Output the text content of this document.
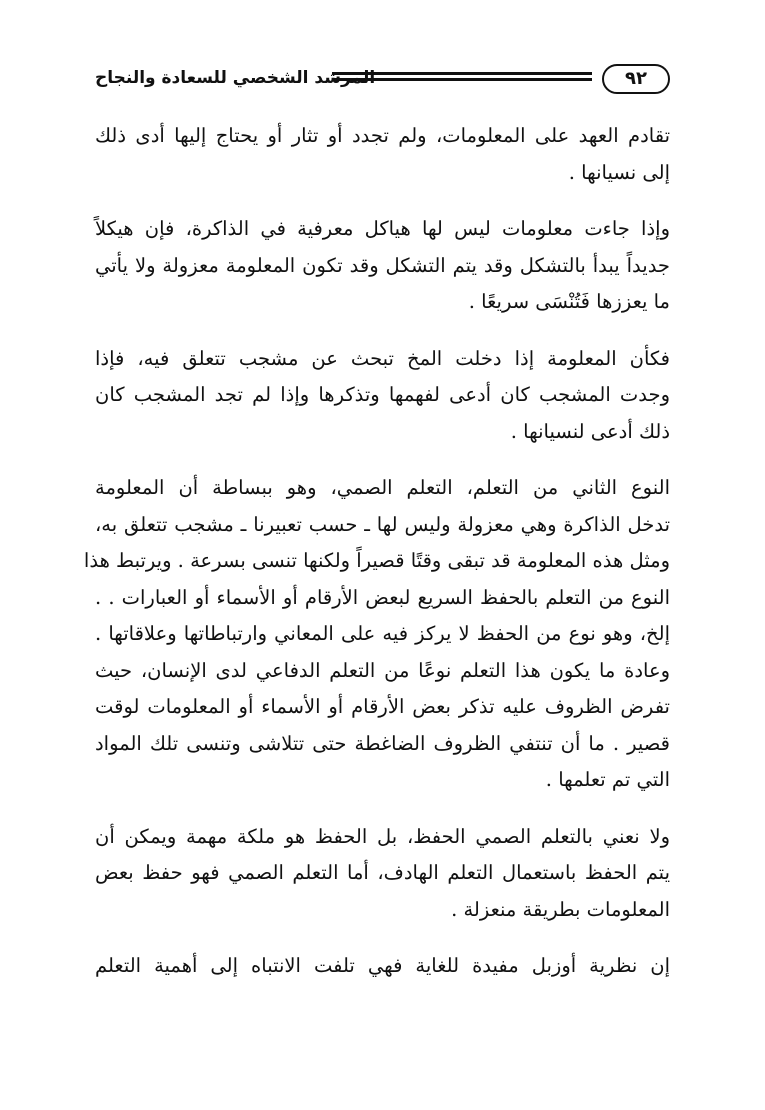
٩٢
المرشد الشخصي للسعادة والنجاح

تقادم العهد على المعلومات، ولم تجدد أو تثار أو يحتاج إليها أدى ذلك
إلى نسيانها .

وإذا جاءت معلومات ليس لها هياكل معرفية في الذاكرة، فإن هيكلاً
جديداً يبدأ بالتشكل وقد يتم التشكل وقد تكون المعلومة معزولة ولا يأتي
ما يعززها فَتُنْسَى سريعًا .

فكأن المعلومة إذا دخلت المخ تبحث عن مشجب تتعلق فيه، فإذا
وجدت المشجب كان أدعى لفهمها وتذكرها وإذا لم تجد المشجب كان
ذلك أدعى لنسيانها .

النوع الثاني من التعلم، التعلم الصمي، وهو ببساطة أن المعلومة
تدخل الذاكرة وهي معزولة وليس لها ـ حسب تعبيرنا ـ مشجب تتعلق به،
ومثل هذه المعلومة قد تبقى وقتًا قصيراً ولكنها تنسى بسرعة . ويرتبط هذا
النوع من التعلم بالحفظ السريع لبعض الأرقام أو الأسماء أو العبارات . .
إلخ، وهو نوع من الحفظ لا يركز فيه على المعاني وارتباطاتها وعلاقاتها .
وعادة ما يكون هذا التعلم نوعًا من التعلم الدفاعي لدى الإنسان، حيث
تفرض الظروف عليه تذكر بعض الأرقام أو الأسماء أو المعلومات لوقت
قصير . ما أن تنتفي الظروف الضاغطة حتى تتلاشى وتنسى تلك المواد
التي تم تعلمها .

ولا نعني بالتعلم الصمي الحفظ، بل الحفظ هو ملكة مهمة ويمكن أن
يتم الحفظ باستعمال التعلم الهادف، أما التعلم الصمي فهو حفظ بعض
المعلومات بطريقة منعزلة .

إن نظرية أوزبل مفيدة للغاية فهي تلفت الانتباه إلى أهمية التعلم
